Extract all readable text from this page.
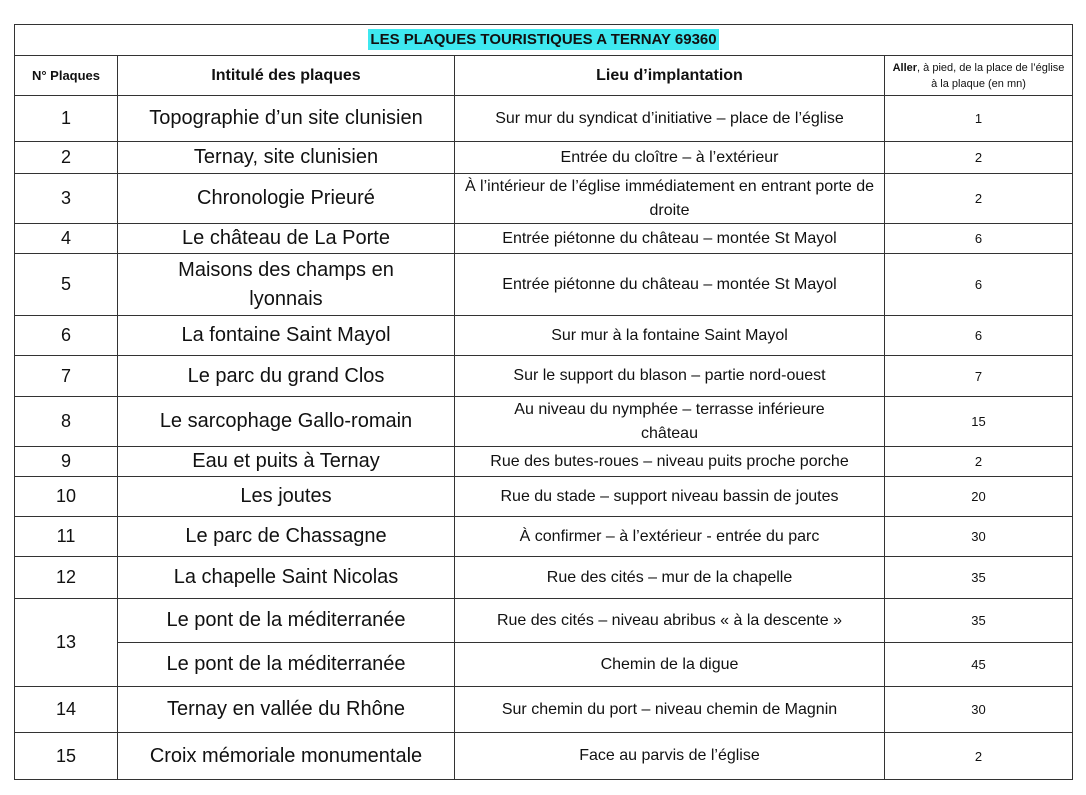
LES PLAQUES TOURISTIQUES A TERNAY 69360			
N° Plaques	Intitulé des plaques	Lieu d’implantation	Aller, à pied, de la place de l’église à la plaque (en mn)
1	Topographie d’un site clunisien	Sur mur du syndicat d’initiative – place de l’église	1
2	Ternay, site clunisien	Entrée du cloître – à l’extérieur	2
3	Chronologie Prieuré	À l’intérieur de l’église immédiatement en entrant porte de droite	2
4	Le château de La Porte	Entrée piétonne du château – montée St Mayol	6
5	Maisons des champs en lyonnais	Entrée piétonne du château – montée St Mayol	6
6	La fontaine Saint Mayol	Sur mur à la fontaine Saint Mayol	6
7	Le parc du grand Clos	Sur le support du blason – partie nord-ouest	7
8	Le sarcophage Gallo-romain	Au niveau du nymphée – terrasse inférieure château	15
9	Eau et puits à Ternay	Rue des butes-roues – niveau puits proche porche	2
10	Les joutes	Rue du stade – support niveau bassin de joutes	20
11	Le parc de Chassagne	À confirmer – à l’extérieur - entrée du parc	30
12	La chapelle Saint Nicolas	Rue des cités – mur de la chapelle	35
13	Le pont de la méditerranée	Rue des cités – niveau abribus « à la descente »	35
	Le pont de la méditerranée	Chemin de la digue	45
14	Ternay en vallée du Rhône	Sur chemin du port – niveau chemin de Magnin	30
15	Croix mémoriale monumentale	Face au parvis de l’église	2
